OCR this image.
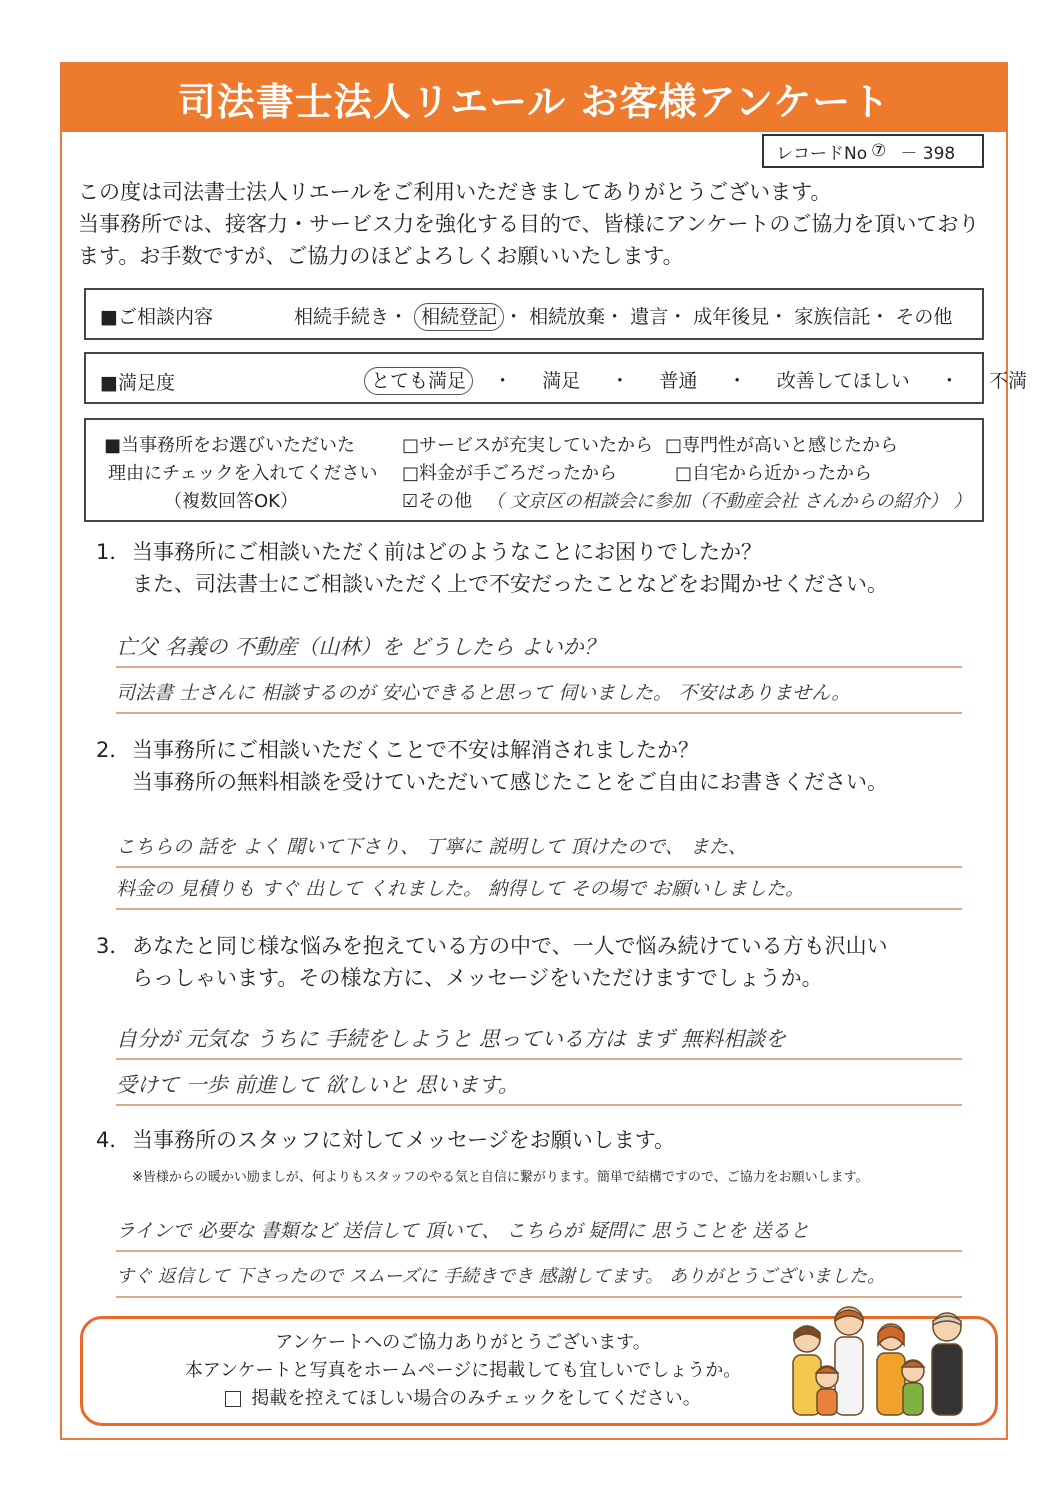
司法書士法人リエール お客様アンケート
レコードNo ⑦ － 398
この度は司法書士法人リエールをご利用いただきましてありがとうございます。
当事務所では、接客力・サービス力を強化する目的で、皆様にアンケートのご協力を頂いており
ます。お手数ですが、ご協力のほどよろしくお願いいたします。
■ご相談内容	相続手続き・ 相続登記 ・ 相続放棄・ 遺言・ 成年後見・ 家族信託・ その他
■満足度	とても満足  ・   満足   ・   普通   ・   改善してほしい   ・   不満
■当事務所をお選びいただいた
理由にチェックを入れてください
（複数回答OK）
□サービスが充実していたから □専門性が高いと感じたから
□料金が手ごろだったから	□自宅から近かったから
☑その他 （ 文京区の相談会に参加（不動産会社 さんからの紹介） ）
1．当事務所にご相談いただく前はどのようなことにお困りでしたか？
また、司法書士にご相談いただく上で不安だったことなどをお聞かせください。
亡父 名義の 不動産（山林）を どうしたら よいか？
司法書 士さんに 相談するのが 安心できると思って 伺いました。 不安はありません。
2．当事務所にご相談いただくことで不安は解消されましたか？
当事務所の無料相談を受けていただいて感じたことをご自由にお書きください。
こちらの 話を よく 聞いて下さり、 丁寧に 説明して 頂けたので、 また、
料金の 見積りも すぐ 出して くれました。 納得して その場で お願いしました。
3．あなたと同じ様な悩みを抱えている方の中で、一人で悩み続けている方も沢山い
らっしゃいます。その様な方に、メッセージをいただけますでしょうか。
自分が 元気な うちに 手続をしようと 思っている方は まず 無料相談を
受けて 一歩 前進して 欲しいと 思います。
4．当事務所のスタッフに対してメッセージをお願いします。
※皆様からの暖かい励ましが、何よりもスタッフのやる気と自信に繋がります。簡単で結構ですので、ご協力をお願いします。
ラインで 必要な 書類など 送信して 頂いて、 こちらが 疑問に 思うことを 送ると
すぐ 返信して 下さったので スムーズに 手続きでき 感謝してます。 ありがとうございました。
アンケートへのご協力ありがとうございます。
本アンケートと写真をホームページに掲載しても宜しいでしょうか。
掲載を控えてほしい場合のみチェックをしてください。
